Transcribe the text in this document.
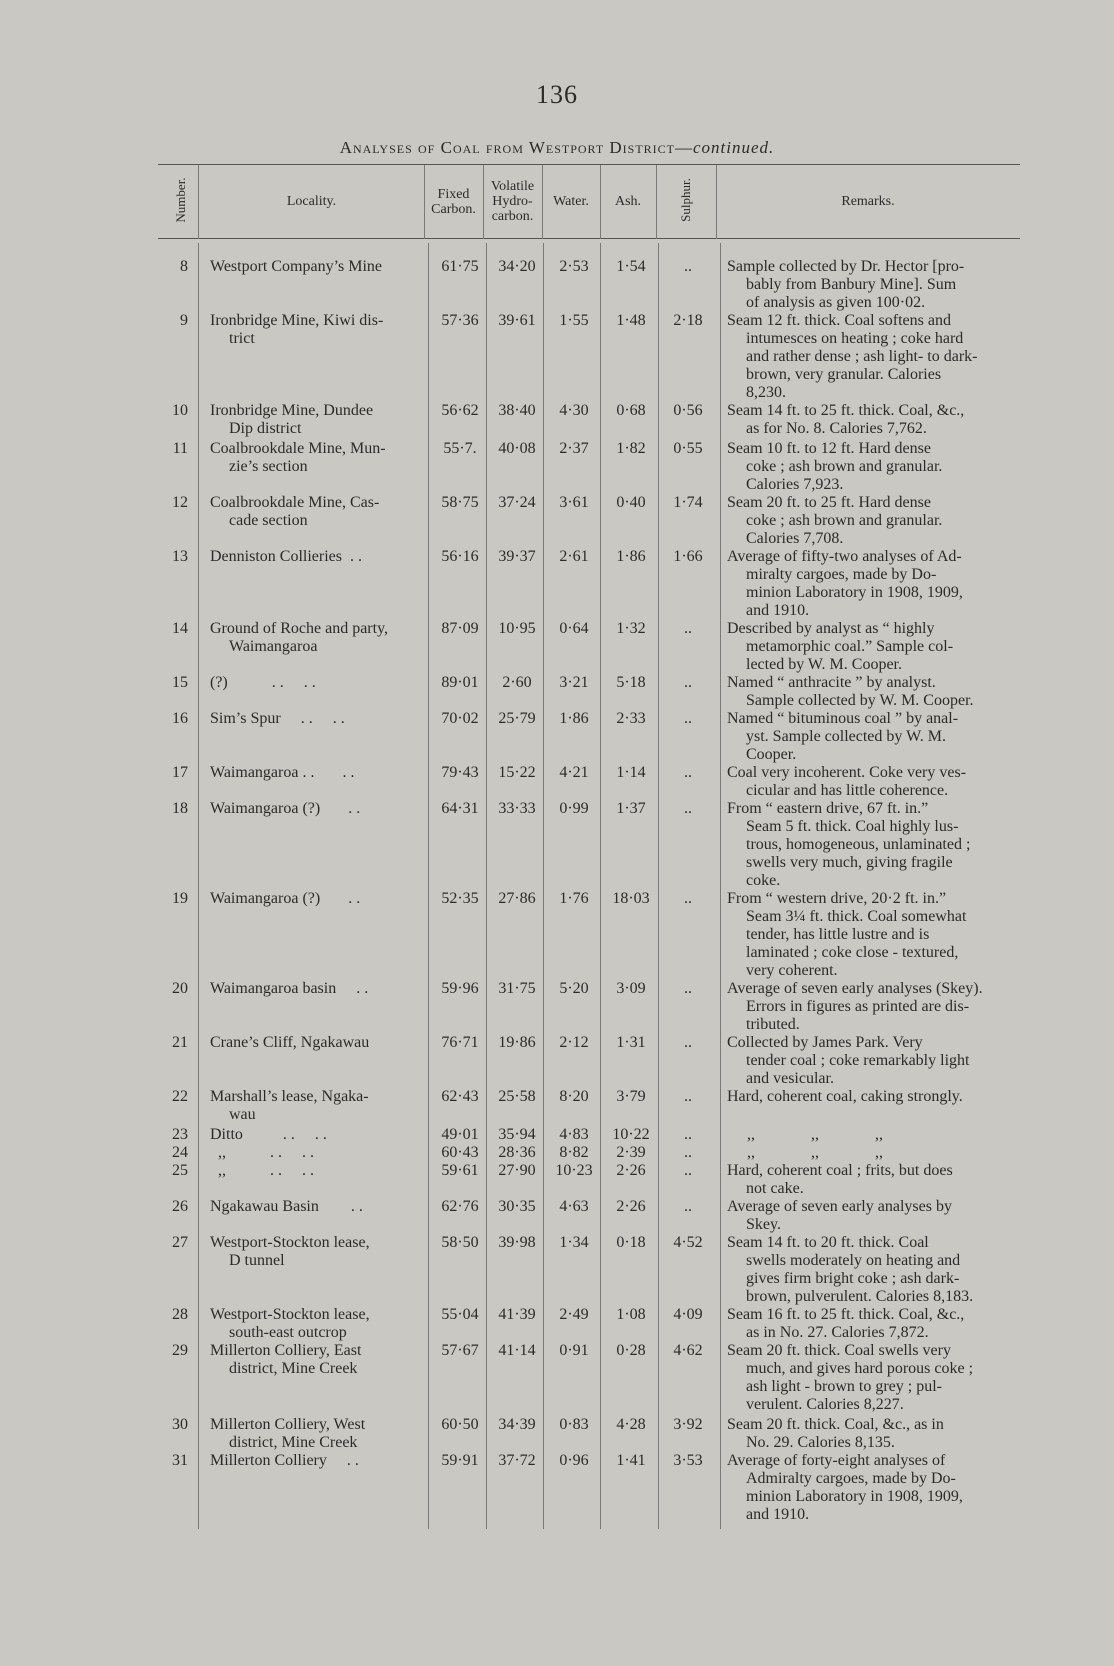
136
Analyses of Coal from Westport District—continued.
Number.	Locality.	Fixed
Carbon.
Volatile
Hydro-
carbon.
Water.	Ash.	Sulphur.	Remarks.
8 Westport Company’s Mine	61·75	34·20	2·53	1·54	..	Sample collected by Dr. Hector [pro-
bably from Banbury Mine]. Sum
of analysis as given 100·02.
9 Ironbridge Mine, Kiwi dis-
trict
57·36	39·61	1·55	1·48	2·18	Seam 12 ft. thick. Coal softens and
intumesces on heating ; coke hard
and rather dense ; ash light- to dark-
brown, very granular. Calories
8,230.
10 Ironbridge Mine, Dundee
Dip district
56·62	38·40	4·30	0·68	0·56	Seam 14 ft. to 25 ft. thick. Coal, &c.,
as for No. 8. Calories 7,762.
11 Coalbrookdale Mine, Mun-
zie’s section
55·7.	40·08	2·37	1·82	0·55	Seam 10 ft. to 12 ft. Hard dense
coke ; ash brown and granular.
Calories 7,923.
12 Coalbrookdale Mine, Cas-
cade section
58·75	37·24	3·61	0·40	1·74	Seam 20 ft. to 25 ft. Hard dense
coke ; ash brown and granular.
Calories 7,708.
13 Denniston Collieries  . .	56·16	39·37	2·61	1·86	1·66	Average of fifty-two analyses of Ad-
miralty cargoes, made by Do-
minion Laboratory in 1908, 1909,
and 1910.
14 Ground of Roche and party,
Waimangaroa
87·09	10·95	0·64	1·32	..	Described by analyst as “ highly
metamorphic coal.” Sample col-
lected by W. M. Cooper.
15 (?)           . .     . .	89·01	2·60	3·21	5·18	..	Named “ anthracite ” by analyst.
Sample collected by W. M. Cooper.
16 Sim’s Spur     . .     . .	70·02	25·79	1·86	2·33	..	Named “ bituminous coal ” by anal-
yst. Sample collected by W. M.
Cooper.
17 Waimangaroa . .       . .	79·43	15·22	4·21	1·14	..	Coal very incoherent. Coke very ves-
cicular and has little coherence.
18 Waimangaroa (?)       . .	64·31	33·33	0·99	1·37	..	From “ eastern drive, 67 ft. in.”
Seam 5 ft. thick. Coal highly lus-
trous, homogeneous, unlaminated ;
swells very much, giving fragile
coke.
19 Waimangaroa (?)       . .	52·35	27·86	1·76	18·03	..	From “ western drive, 20·2 ft. in.”
Seam 3¼ ft. thick. Coal somewhat
tender, has little lustre and is
laminated ; coke close - textured,
very coherent.
20 Waimangaroa basin     . .	59·96	31·75	5·20	3·09	..	Average of seven early analyses (Skey).
Errors in figures as printed are dis-
tributed.
21 Crane’s Cliff, Ngakawau	76·71	19·86	2·12	1·31	..	Collected by James Park. Very
tender coal ; coke remarkably light
and vesicular.
22 Marshall’s lease, Ngaka-
wau
62·43	25·58	8·20	3·79	..	Hard, coherent coal, caking strongly.
23 Ditto          . .     . .	49·01	35·94	4·83	10·22	..	,,              ,,              ,,
24 ,,           . .     . .	60·43	28·36	8·82	2·39	..	,,              ,,              ,,
25 ,,           . .     . .	59·61	27·90	10·23	2·26	..	Hard, coherent coal ; frits, but does
not cake.
26 Ngakawau Basin        . .	62·76	30·35	4·63	2·26	..	Average of seven early analyses by
Skey.
27 Westport-Stockton lease,
D tunnel
58·50	39·98	1·34	0·18	4·52	Seam 14 ft. to 20 ft. thick. Coal
swells moderately on heating and
gives firm bright coke ; ash dark-
brown, pulverulent. Calories 8,183.
28 Westport-Stockton lease,
south-east outcrop
55·04	41·39	2·49	1·08	4·09	Seam 16 ft. to 25 ft. thick. Coal, &c.,
as in No. 27. Calories 7,872.
29 Millerton Colliery, East
district, Mine Creek
57·67	41·14	0·91	0·28	4·62	Seam 20 ft. thick. Coal swells very
much, and gives hard porous coke ;
ash light - brown to grey ; pul-
verulent. Calories 8,227.
30 Millerton Colliery, West
district, Mine Creek
60·50	34·39	0·83	4·28	3·92	Seam 20 ft. thick. Coal, &c., as in
No. 29. Calories 8,135.
31 Millerton Colliery     . .	59·91	37·72	0·96	1·41	3·53	Average of forty-eight analyses of
Admiralty cargoes, made by Do-
minion Laboratory in 1908, 1909,
and 1910.
